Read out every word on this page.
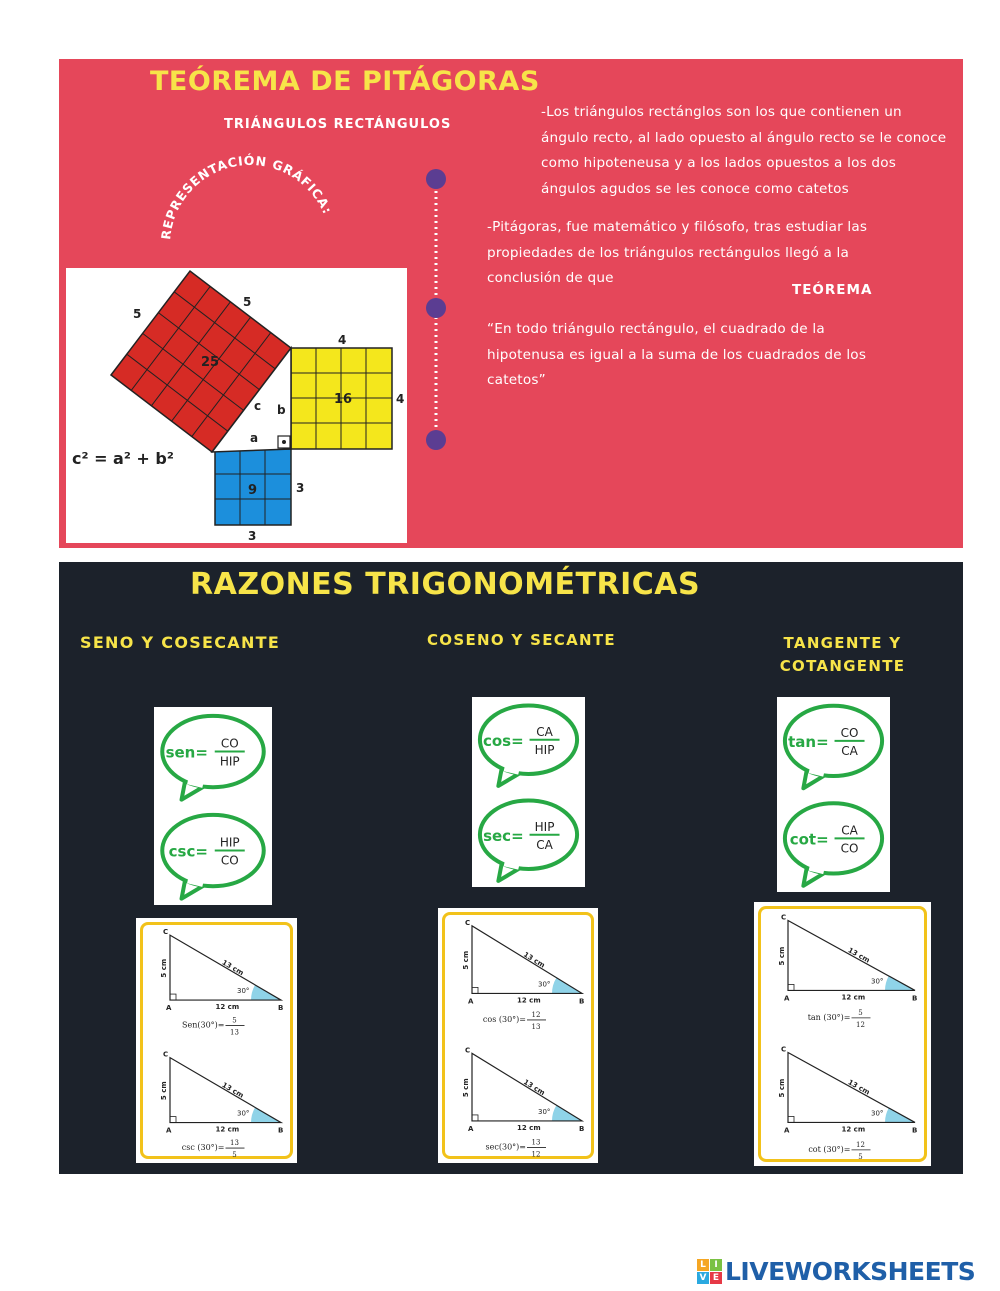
TEÓREMA DE PITÁGORAS
TRIÁNGULOS RECTÁNGULOS
REPRESENTACIÓN GRÁFICA:
25
16
9
5
5
4
4
3
3
a
b
c
c² = a² + b²
-Los triángulos rectánglos son los que contienen un ángulo recto, al lado opuesto al ángulo recto se le conoce como hipoteneusa y a los lados opuestos a los dos ángulos agudos se les conoce como catetos
-Pitágoras, fue matemático y filósofo, tras estudiar las propiedades de los triángulos rectángulos llegó a la conclusión de que
TEÓREMA
“En todo triángulo rectángulo, el cuadrado de la hipotenusa es igual a la suma de los cuadrados de los catetos”
RAZONES TRIGONOMÉTRICAS
SENO Y COSECANTE	COSENO Y SECANTE	TANGENTE Y COTANGENTE
sen= CO
HIP
csc= HIP
CO
cos= CA
HIP
sec= HIP
CA
tan= CO
CA
cot= CA
CO
C
A	B
12 cm
5 cm	13 cm
30°
Sen(30°)=
5
13
C
A	B
12 cm
5 cm	13 cm
30°
csc (30°)= 13
5
C
A	B
12 cm
5 cm	13 cm
30°
cos (30°)= 12
13
C
A	B
12 cm
5 cm	13 cm
30°
sec(30°)= 13
12
C
A	B
12 cm
5 cm	13 cm
30°
tan (30°)= 5
12
C
A	B
12 cm
5 cm	13 cm
30°
cot (30°)= 12
5
L I
V E LIVEWORKSHEETS
